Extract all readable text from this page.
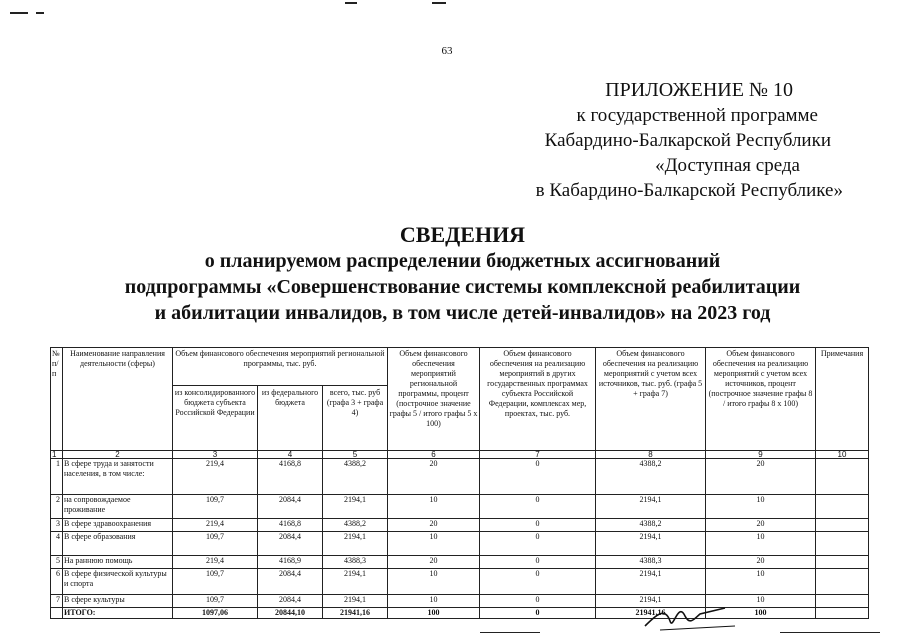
63
ПРИЛОЖЕНИЕ № 10
к государственной программе
Кабардино-Балкарской Республики
«Доступная среда
в Кабардино-Балкарской Республике»
СВЕДЕНИЯ
о планируемом распределении бюджетных ассигнований
подпрограммы «Совершенствование системы комплексной реабилитации
и абилитации инвалидов, в том числе детей-инвалидов» на 2023 год
№ п/п	Наименование направления деятельности (сферы)	Объем финансового обеспечения мероприятий региональной программы, тыс. руб.			Объем финансового обеспечения мероприятий региональной программы, процент (построчное значение графы 5 / итого графы 5 х 100)	Объем финансового обеспечения на реализацию мероприятий в других государственных программах субъекта Российской Федерации, комплексах мер, проектах, тыс. руб.	Объем финансового обеспечения на реализацию мероприятий с учетом всех источников, тыс. руб. (графа 5 + графа 7)	Объем финансового обеспечения на реализацию мероприятий с учетом всех источников, процент (построчное значение графы 8 / итого графы 8 х 100)	Примечания
		из консолидированного бюджета субъекта Российской Федерации	из федерального бюджета	всего, тыс. руб (графа 3 + графа 4)					
1	2	3	4	5	6	7	8	9	10
1	В сфере труда и занятости населения, в том числе:	219,4	4168,8	4388,2	20	0	4388,2	20	
2	на сопровождаемое проживание	109,7	2084,4	2194,1	10	0	2194,1	10	
3	В сфере здравоохранения	219,4	4168,8	4388,2	20	0	4388,2	20	
4	В сфере образования	109,7	2084,4	2194,1	10	0	2194,1	10	
5	На раннюю помощь	219,4	4168,9	4388,3	20	0	4388,3	20	
6	В сфере физической культуры и спорта	109,7	2084,4	2194,1	10	0	2194,1	10	
7	В сфере культуры	109,7	2084,4	2194,1	10	0	2194,1	10	
	ИТОГО:	1097,06	20844,10	21941,16	100	0	21941,16	100	
